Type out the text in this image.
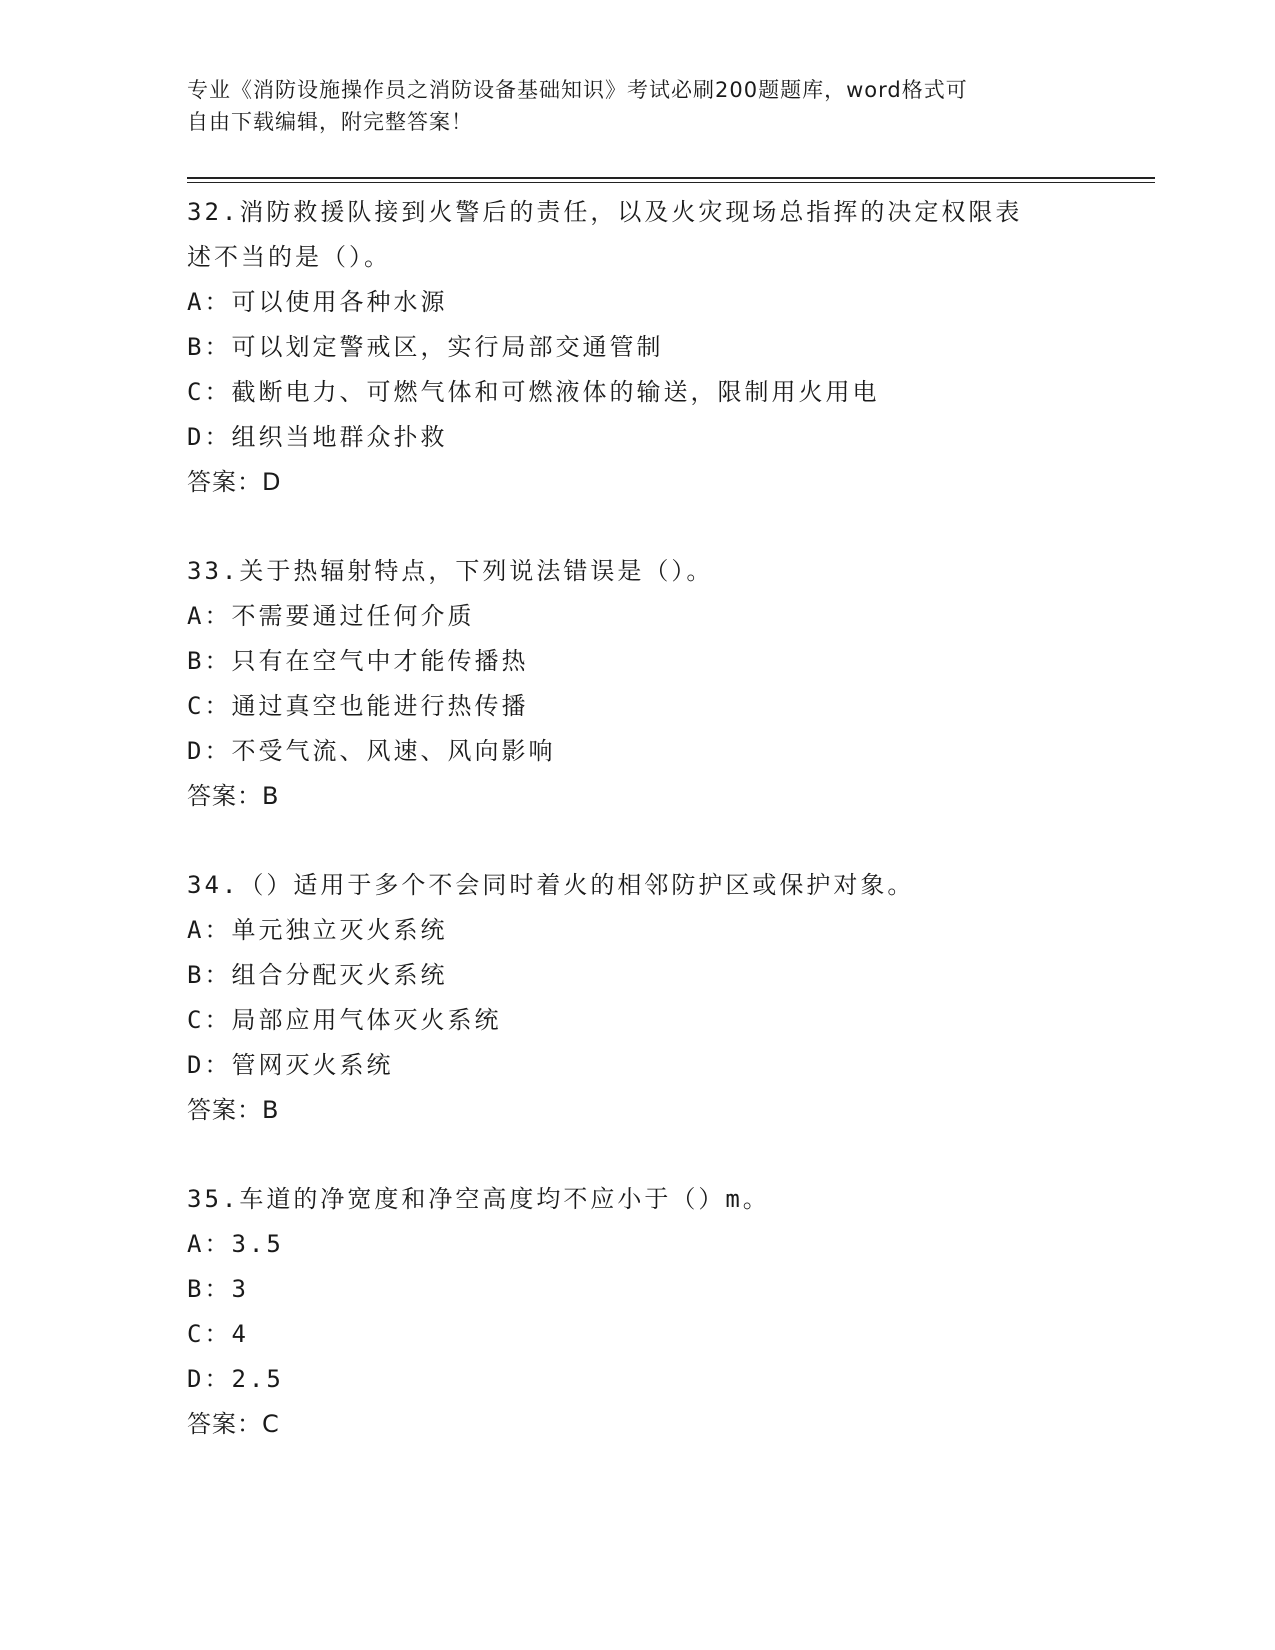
专业《消防设施操作员之消防设备基础知识》考试必刷200题题库，word格式可
自由下载编辑，附完整答案！

32.消防救援队接到火警后的责任，以及火灾现场总指挥的决定权限表

述不当的是（）。

A：可以使用各种水源

B：可以划定警戒区，实行局部交通管制

C：截断电力、可燃气体和可燃液体的输送，限制用火用电

D：组织当地群众扑救

答案：D

33.关于热辐射特点，下列说法错误是（）。

A：不需要通过任何介质

B：只有在空气中才能传播热

C：通过真空也能进行热传播

D：不受气流、风速、风向影响

答案：B

34.（）适用于多个不会同时着火的相邻防护区或保护对象。

A：单元独立灭火系统

B：组合分配灭火系统

C：局部应用气体灭火系统

D：管网灭火系统

答案：B

35.车道的净宽度和净空高度均不应小于（）m。

A：3.5

B：3

C：4

D：2.5

答案：C
